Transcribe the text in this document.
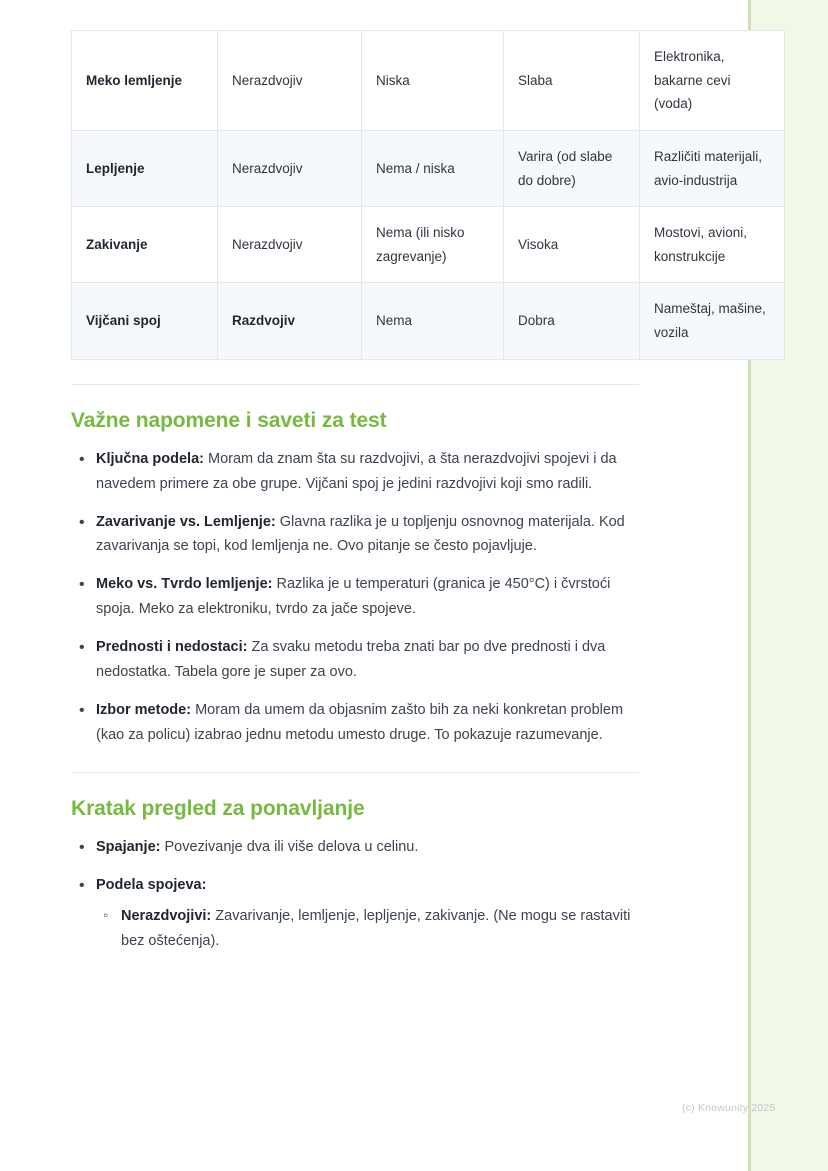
Meko lemljenje	Nerazdvojiv	Niska	Slaba	Elektronika, bakarne cevi (voda)
Lepljenje	Nerazdvojiv	Nema / niska	Varira (od slabe do dobre)	Različiti materijali, avio-industrija
Zakivanje	Nerazdvojiv	Nema (ili nisko zagrevanje)	Visoka	Mostovi, avioni, konstrukcije
Vijčani spoj	Razdvojiv	Nema	Dobra	Nameštaj, mašine, vozila
Važne napomene i saveti za test
• Ključna podela: Moram da znam šta su razdvojivi, a šta nerazdvojivi spojevi i da navedem primere za obe grupe. Vijčani spoj je jedini razdvojivi koji smo radili.
• Zavarivanje vs. Lemljenje: Glavna razlika je u topljenju osnovnog materijala. Kod zavarivanja se topi, kod lemljenja ne. Ovo pitanje se često pojavljuje.
• Meko vs. Tvrdo lemljenje: Razlika je u temperaturi (granica je 450°C) i čvrstoći spoja. Meko za elektroniku, tvrdo za jače spojeve.
• Prednosti i nedostaci: Za svaku metodu treba znati bar po dve prednosti i dva nedostatka. Tabela gore je super za ovo.
• Izbor metode: Moram da umem da objasnim zašto bih za neki konkretan problem (kao za policu) izabrao jednu metodu umesto druge. To pokazuje razumevanje.
Kratak pregled za ponavljanje
• Spajanje: Povezivanje dva ili više delova u celinu.
• Podela spojeva:
◦ Nerazdvojivi: Zavarivanje, lemljenje, lepljenje, zakivanje. (Ne mogu se rastaviti bez oštećenja).
(c) Knowunity 2025
